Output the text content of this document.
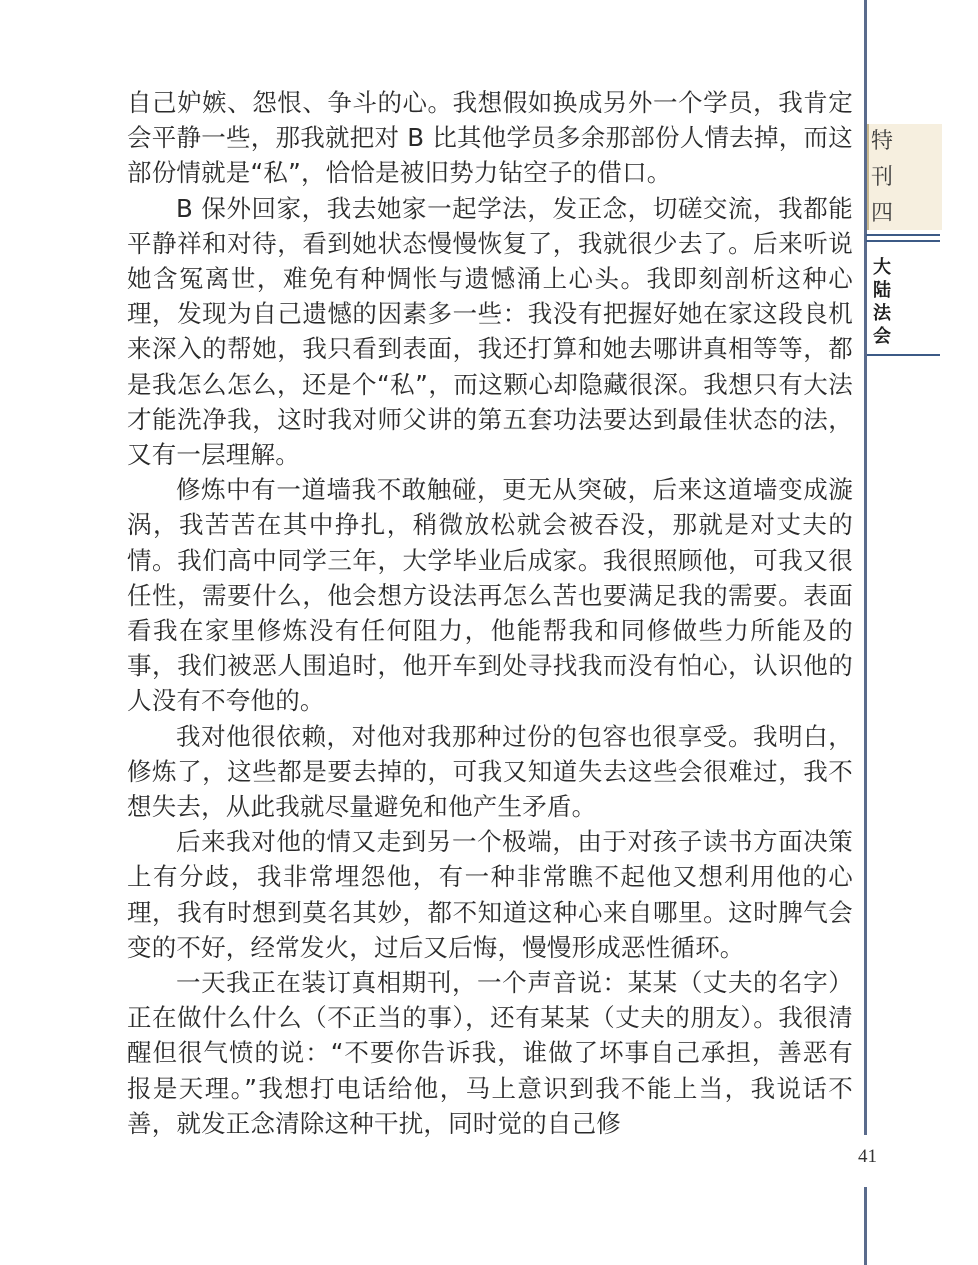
自己妒嫉、怨恨、争斗的心。我想假如换成另外一个学员，我肯定会平静一些，那我就把对 B 比其他学员多余那部份人情去掉，而这部份情就是“私”，恰恰是被旧势力钻空子的借口。

B 保外回家，我去她家一起学法，发正念，切磋交流，我都能平静祥和对待，看到她状态慢慢恢复了，我就很少去了。后来听说她含冤离世，难免有种惆怅与遗憾涌上心头。我即刻剖析这种心理，发现为自己遗憾的因素多一些：我没有把握好她在家这段良机来深入的帮她，我只看到表面，我还打算和她去哪讲真相等等，都是我怎么怎么，还是个“私”，而这颗心却隐藏很深。我想只有大法才能洗净我，这时我对师父讲的第五套功法要达到最佳状态的法，又有一层理解。

修炼中有一道墙我不敢触碰，更无从突破，后来这道墙变成漩涡，我苦苦在其中挣扎，稍微放松就会被吞没，那就是对丈夫的情。我们高中同学三年，大学毕业后成家。我很照顾他，可我又很任性，需要什么，他会想方设法再怎么苦也要满足我的需要。表面看我在家里修炼没有任何阻力，他能帮我和同修做些力所能及的事，我们被恶人围追时，他开车到处寻找我而没有怕心，认识他的人没有不夸他的。

我对他很依赖，对他对我那种过份的包容也很享受。我明白，修炼了，这些都是要去掉的，可我又知道失去这些会很难过，我不想失去，从此我就尽量避免和他产生矛盾。

后来我对他的情又走到另一个极端，由于对孩子读书方面决策上有分歧，我非常埋怨他，有一种非常瞧不起他又想利用他的心理，我有时想到莫名其妙，都不知道这种心来自哪里。这时脾气会变的不好，经常发火，过后又后悔，慢慢形成恶性循环。

一天我正在装订真相期刊，一个声音说：某某（丈夫的名字）正在做什么什么（不正当的事），还有某某（丈夫的朋友）。我很清醒但很气愤的说：“不要你告诉我，谁做了坏事自己承担，善恶有报是天理。”我想打电话给他，马上意识到我不能上当，我说话不善，就发正念清除这种干扰，同时觉的自己修

特刊四
大陆法会
41
